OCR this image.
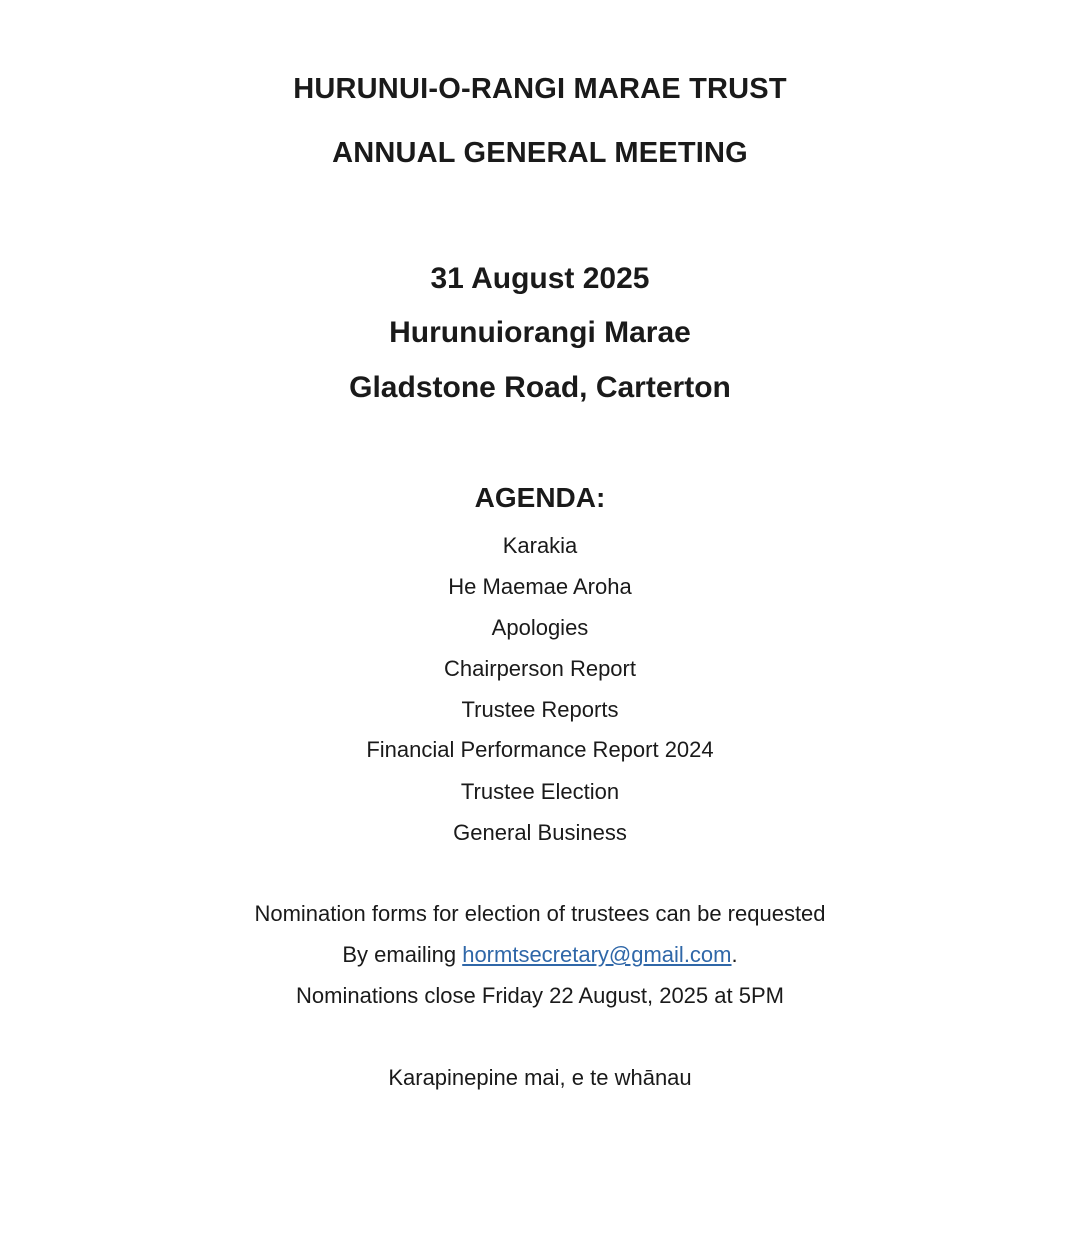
HURUNUI-O-RANGI MARAE TRUST
ANNUAL GENERAL MEETING
31 August 2025
Hurunuiorangi Marae
Gladstone Road, Carterton
AGENDA:
Karakia
He Maemae Aroha
Apologies
Chairperson Report
Trustee Reports
Financial Performance Report 2024
Trustee Election
General Business
Nomination forms for election of trustees can be requested
By emailing hormtsecretary@gmail.com.
Nominations close Friday 22 August, 2025 at 5PM
Karapinepine mai, e te whānau
